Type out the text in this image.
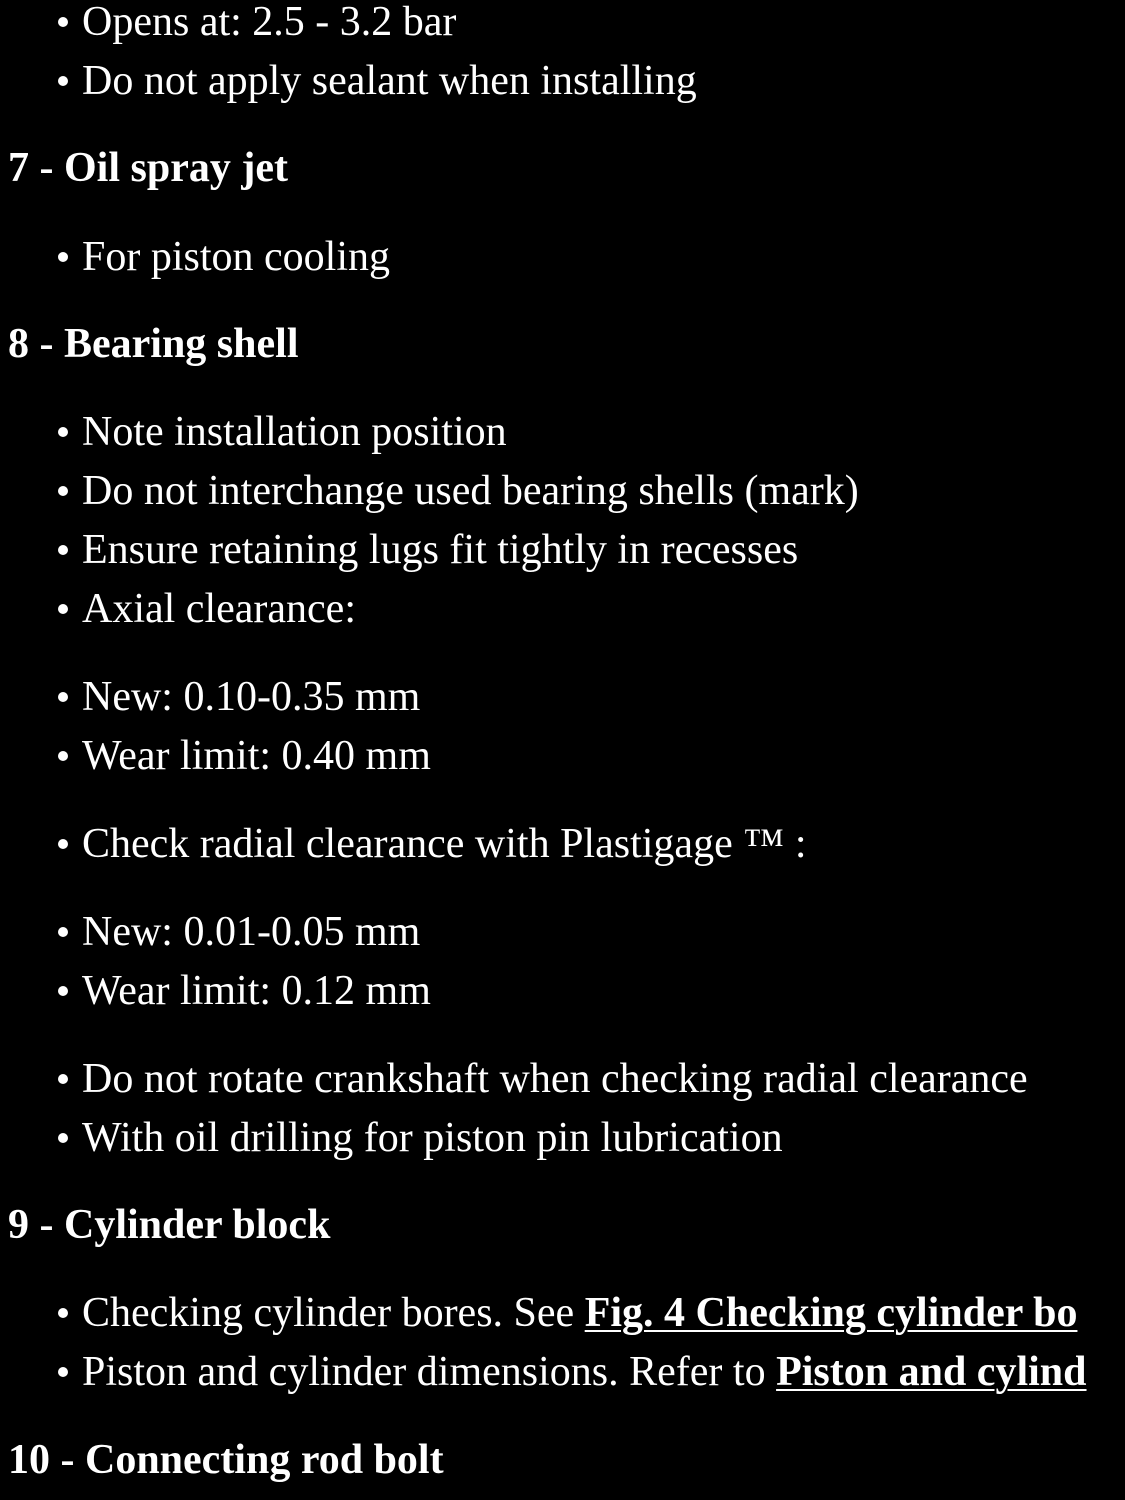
Opens at: 2.5 - 3.2 bar
Do not apply sealant when installing
7 - Oil spray jet
For piston cooling
8 - Bearing shell
Note installation position
Do not interchange used bearing shells (mark)
Ensure retaining lugs fit tightly in recesses
Axial clearance:
New: 0.10-0.35 mm
Wear limit: 0.40 mm
Check radial clearance with Plastigage ™ :
New: 0.01-0.05 mm
Wear limit: 0.12 mm
Do not rotate crankshaft when checking radial clearance
With oil drilling for piston pin lubrication
9 - Cylinder block
Checking cylinder bores. See Fig. 4 Checking cylinder bo
Piston and cylinder dimensions. Refer to Piston and cylind
10 - Connecting rod bolt
